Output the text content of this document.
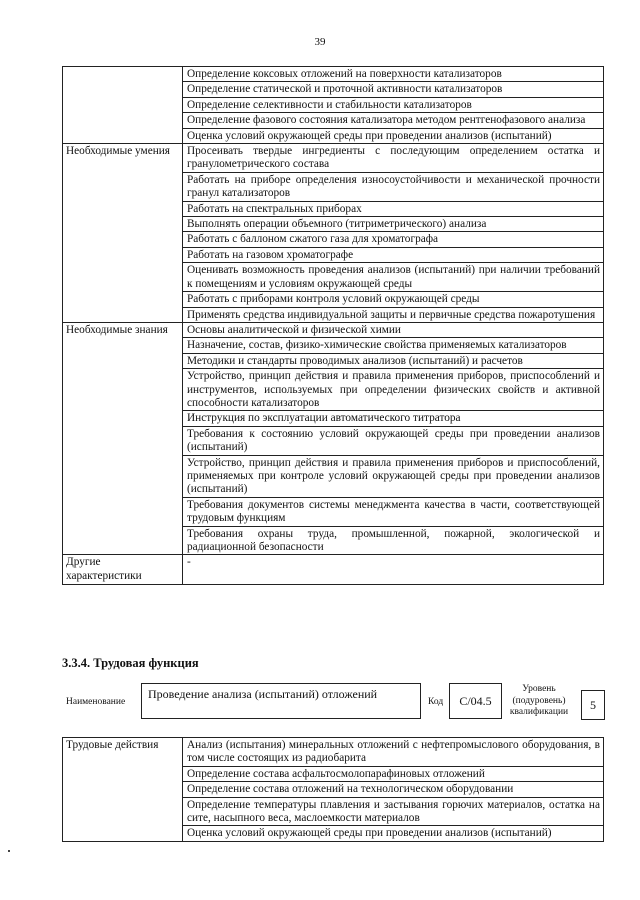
39
	Определение коксовых отложений на поверхности катализаторов
	Определение статической и проточной активности катализаторов
	Определение селективности и стабильности катализаторов
	Определение фазового состояния катализатора методом рентгенофазового анализа
	Оценка условий окружающей среды при проведении анализов (испытаний)
Необходимые умения	Просеивать твердые ингредиенты с последующим определением остатка и гранулометрического состава
	Работать на приборе определения износоустойчивости и механической прочности гранул катализаторов
	Работать на спектральных приборах
	Выполнять операции объемного (титриметрического) анализа
	Работать с баллоном сжатого газа для хроматографа
	Работать на газовом хроматографе
	Оценивать возможность проведения анализов (испытаний) при наличии требований к помещениям и условиям окружающей среды
	Работать с приборами контроля условий окружающей среды
	Применять средства индивидуальной защиты и первичные средства пожаротушения
Необходимые знания	Основы аналитической и физической химии
	Назначение, состав, физико-химические свойства применяемых катализаторов
	Методики и стандарты проводимых анализов (испытаний) и расчетов
	Устройство, принцип действия и правила применения приборов, приспособлений и инструментов, используемых при определении физических свойств и активной способности катализаторов
	Инструкция по эксплуатации автоматического титратора
	Требования к состоянию условий окружающей среды при проведении анализов (испытаний)
	Устройство, принцип действия и правила применения приборов и приспособлений, применяемых при контроле условий окружающей среды при проведении анализов (испытаний)
	Требования документов системы менеджмента качества в части, соответствующей трудовым функциям
	Требования охраны труда, промышленной, пожарной, экологической и радиационной безопасности
Другие характеристики	-
3.3.4. Трудовая функция
Наименование
Проведение анализа (испытаний) отложений
Код	C/04.5
Уровень
(подуровень)
квалификации	5
Трудовые действия	Анализ (испытания) минеральных отложений с нефтепромыслового оборудования, в том числе состоящих из радиобарита
Определение состава асфальтосмолопарафиновых отложений
Определение состава отложений на технологическом оборудовании
Определение температуры плавления и застывания горючих материалов, остатка на сите, насыпного веса, маслоемкости материалов
Оценка условий окружающей среды при проведении анализов (испытаний)
